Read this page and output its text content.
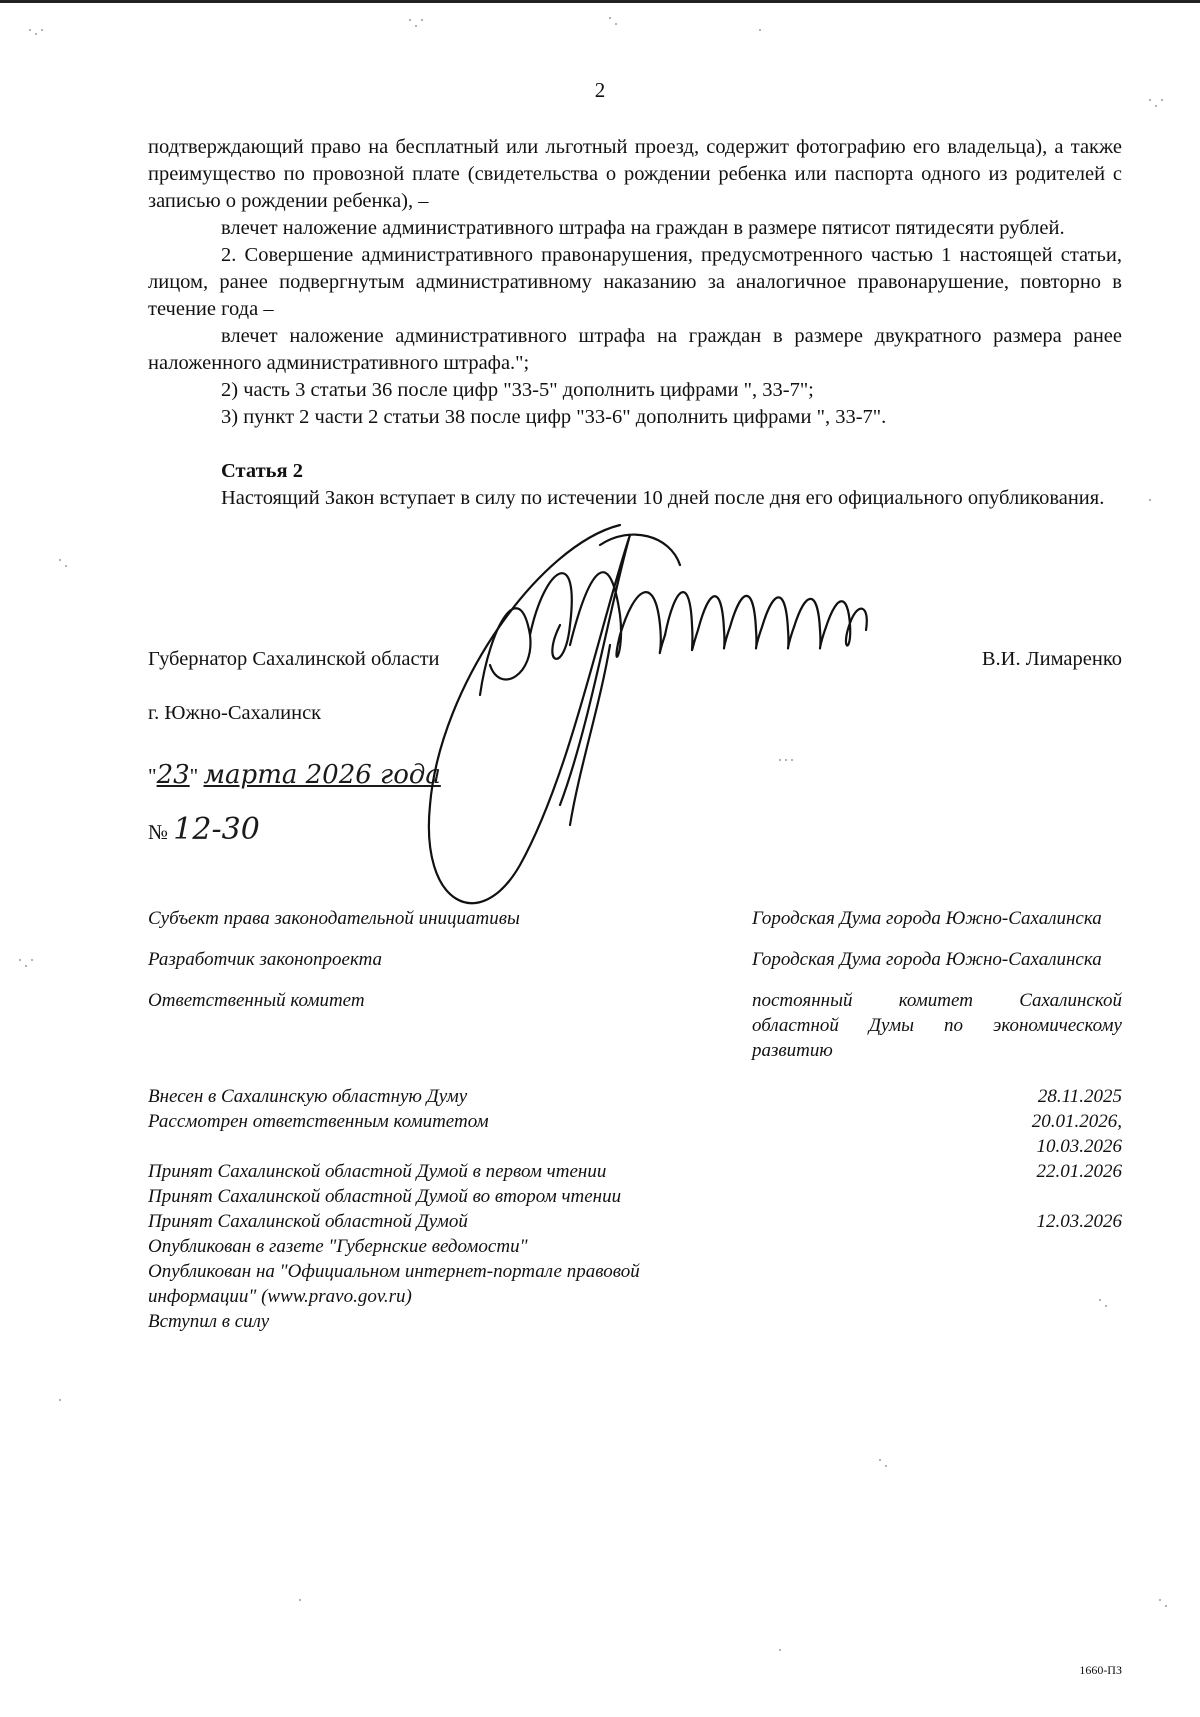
2

подтверждающий право на бесплатный или льготный проезд, содержит фотографию его владельца), а также преимущество по провозной плате (свидетельства о рождении ребенка или паспорта одного из родителей с записью о рождении ребенка), –

влечет наложение административного штрафа на граждан в размере пятисот пятидесяти рублей.

2. Совершение административного правонарушения, предусмотренного частью 1 настоящей статьи, лицом, ранее подвергнутым административному наказанию за аналогичное правонарушение, повторно в течение года –

влечет наложение административного штрафа на граждан в размере двукратного размера ранее наложенного административного штрафа.";

2) часть 3 статьи 36 после цифр "33-5" дополнить цифрами ", 33-7";

3) пункт 2 части 2 статьи 38 после цифр "33-6" дополнить цифрами ", 33-7".

Статья 2

Настоящий Закон вступает в силу по истечении 10 дней после дня его официального опубликования.

Губернатор Сахалинской области	В.И. Лимаренко
г. Южно-Сахалинск
"23" марта 2026 года
№ 12-30
Субъект права законодательной инициативы	Городская Дума города Южно-Сахалинска
Разработчик законопроекта	Городская Дума города Южно-Сахалинска
Ответственный комитет	постоянный комитет Сахалинской областной Думы по экономическому развитию
Внесен в Сахалинскую областную Думу	28.11.2025
Рассмотрен ответственным комитетом	20.01.2026,
10.03.2026
Принят Сахалинской областной Думой в первом чтении	22.01.2026
Принят Сахалинской областной Думой во втором чтении
Принят Сахалинской областной Думой	12.03.2026
Опубликован в газете "Губернские ведомости"
Опубликован на "Официальном интернет-портале правовой
информации" (www.pravo.gov.ru)
Вступил в силу
1660-ПЗ
